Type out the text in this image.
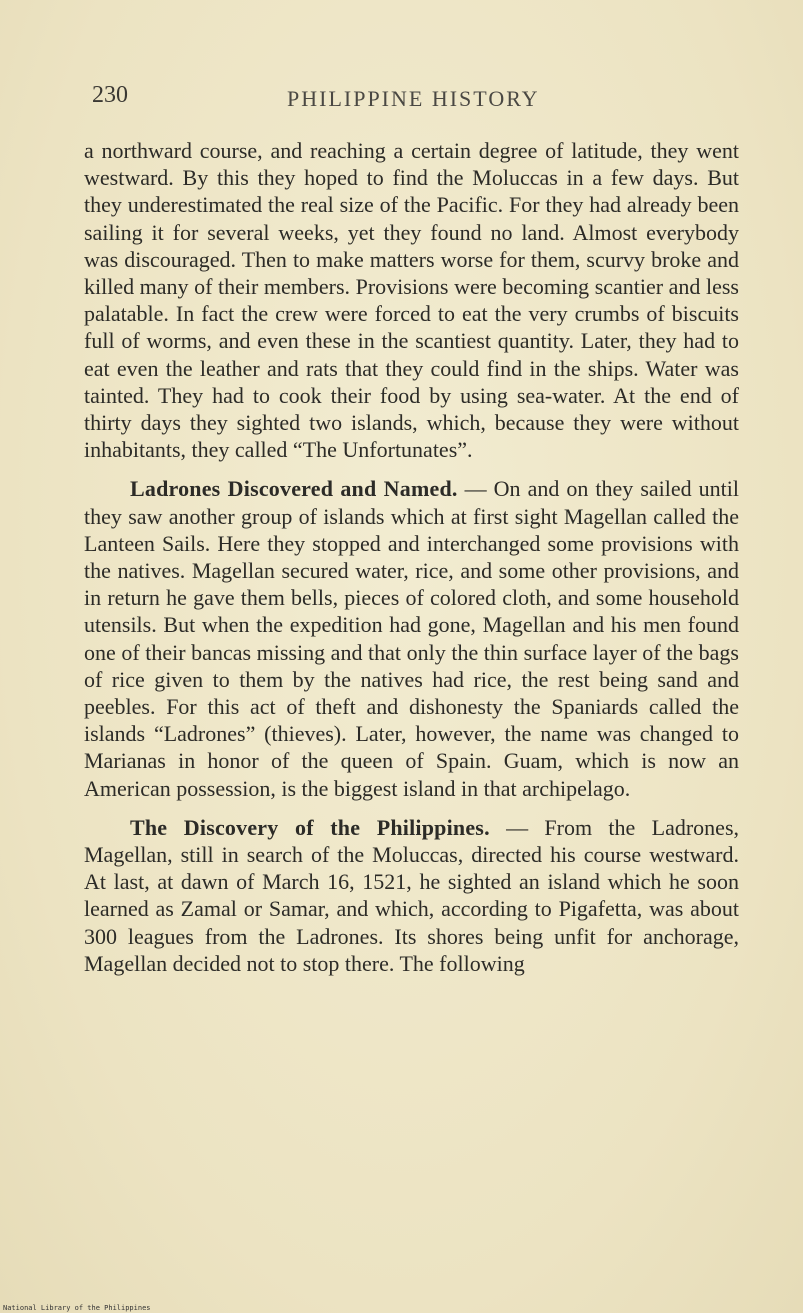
230	PHILIPPINE HISTORY

a northward course, and reaching a certain degree of latitude, they went westward. By this they hoped to find the Moluccas in a few days. But they underestimated the real size of the Pacific. For they had already been sailing it for several weeks, yet they found no land. Almost everybody was discouraged. Then to make matters worse for them, scurvy broke and killed many of their members. Provisions were becoming scantier and less palatable. In fact the crew were forced to eat the very crumbs of biscuits full of worms, and even these in the scantiest quantity. Later, they had to eat even the leather and rats that they could find in the ships. Water was tainted. They had to cook their food by using sea-water. At the end of thirty days they sighted two islands, which, because they were without inhabitants, they called “The Unfortunates”.

Ladrones Discovered and Named. — On and on they sailed until they saw another group of islands which at first sight Magellan called the Lanteen Sails. Here they stopped and interchanged some provisions with the natives. Magellan secured water, rice, and some other provisions, and in return he gave them bells, pieces of colored cloth, and some household utensils. But when the expedition had gone, Magellan and his men found one of their bancas missing and that only the thin surface layer of the bags of rice given to them by the natives had rice, the rest being sand and peebles. For this act of theft and dishonesty the Spaniards called the islands “Ladrones” (thieves). Later, however, the name was changed to Marianas in honor of the queen of Spain. Guam, which is now an American possession, is the biggest island in that archipelago.

The Discovery of the Philippines. — From the Ladrones, Magellan, still in search of the Moluccas, directed his course westward. At last, at dawn of March 16, 1521, he sighted an island which he soon learned as Zamal or Samar, and which, according to Pigafetta, was about 300 leagues from the Ladrones. Its shores being unfit for anchorage, Magellan decided not to stop there. The following

National Library of the Philippines
